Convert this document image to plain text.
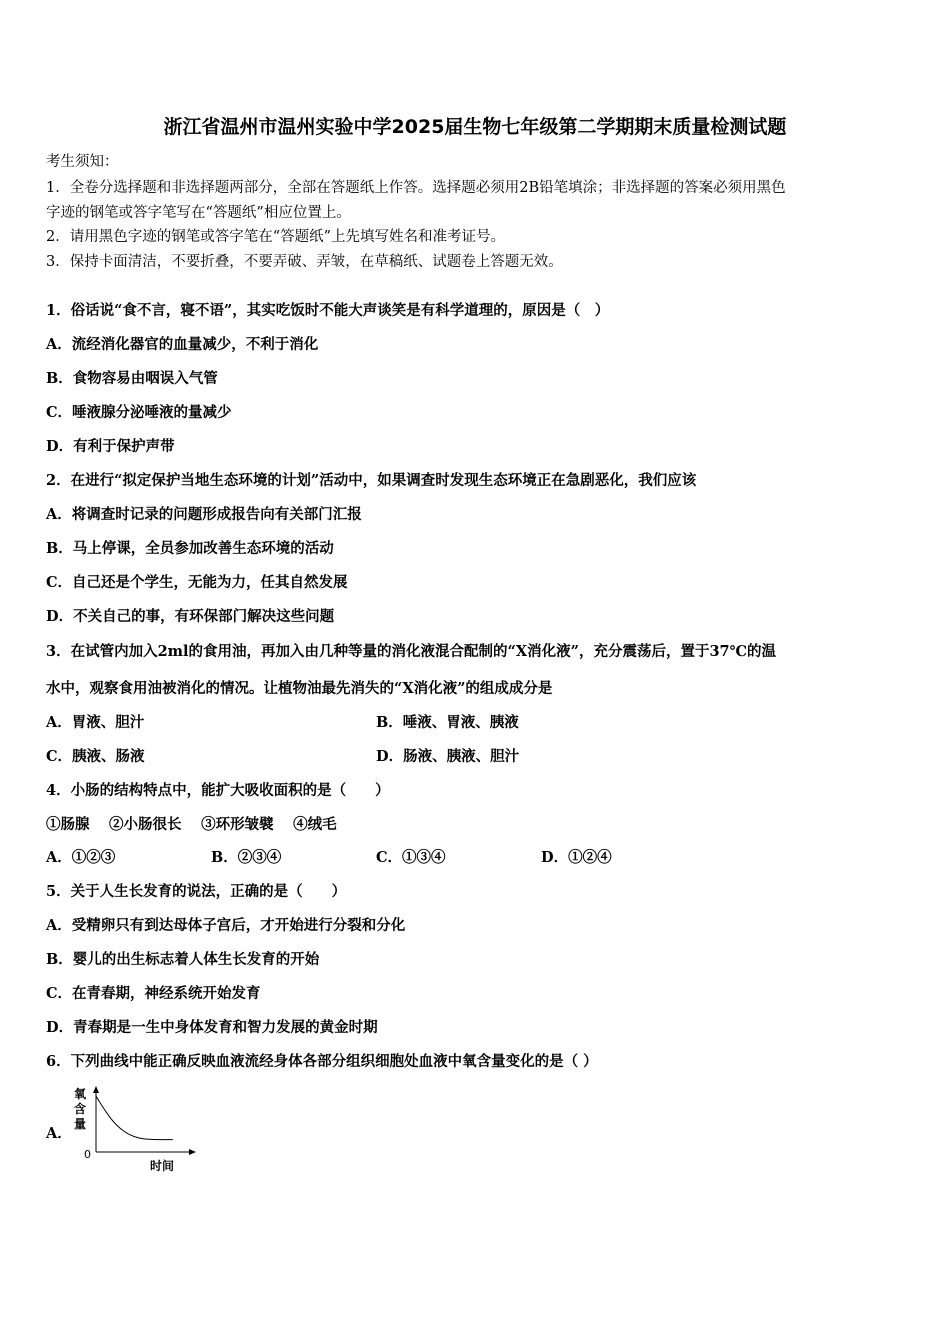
浙江省温州市温州实验中学2025届生物七年级第二学期期末质量检测试题
考生须知：
1．全卷分选择题和非选择题两部分，全部在答题纸上作答。选择题必须用2B铅笔填涂；非选择题的答案必须用黑色
字迹的钢笔或答字笔写在“答题纸”相应位置上。
2．请用黑色字迹的钢笔或答字笔在“答题纸”上先填写姓名和准考证号。
3．保持卡面清洁，不要折叠，不要弄破、弄皱，在草稿纸、试题卷上答题无效。
1．俗话说“食不言，寝不语”，其实吃饭时不能大声谈笑是有科学道理的，原因是（　）
A．流经消化器官的血量减少，不利于消化
B．食物容易由咽误入气管
C．唾液腺分泌唾液的量减少
D．有利于保护声带
2．在进行“拟定保护当地生态环境的计划”活动中，如果调查时发现生态环境正在急剧恶化，我们应该
A．将调查时记录的问题形成报告向有关部门汇报
B．马上停课，全员参加改善生态环境的活动
C．自己还是个学生，无能为力，任其自然发展
D．不关自己的事，有环保部门解决这些问题
3．在试管内加入2ml的食用油，再加入由几种等量的消化液混合配制的“X消化液”，充分震荡后，置于37℃的温
水中，观察食用油被消化的情况。让植物油最先消失的“X消化液”的组成成分是
A．胃液、胆汁	B．唾液、胃液、胰液
C．胰液、肠液	D．肠液、胰液、胆汁
4．小肠的结构特点中，能扩大吸收面积的是（　　）
①肠腺　 ②小肠很长　 ③环形皱襞　 ④绒毛
A．①②③	B．②③④	C．①③④	D．①②④
5．关于人生长发育的说法，正确的是（　　）
A．受精卵只有到达母体子宫后，才开始进行分裂和分化
B．婴儿的出生标志着人体生长发育的开始
C．在青春期，神经系统开始发育
D．青春期是一生中身体发育和智力发展的黄金时期
6．下列曲线中能正确反映血液流经身体各部分组织细胞处血液中氧含量变化的是（ ）
A．
氧含量
0
时间
